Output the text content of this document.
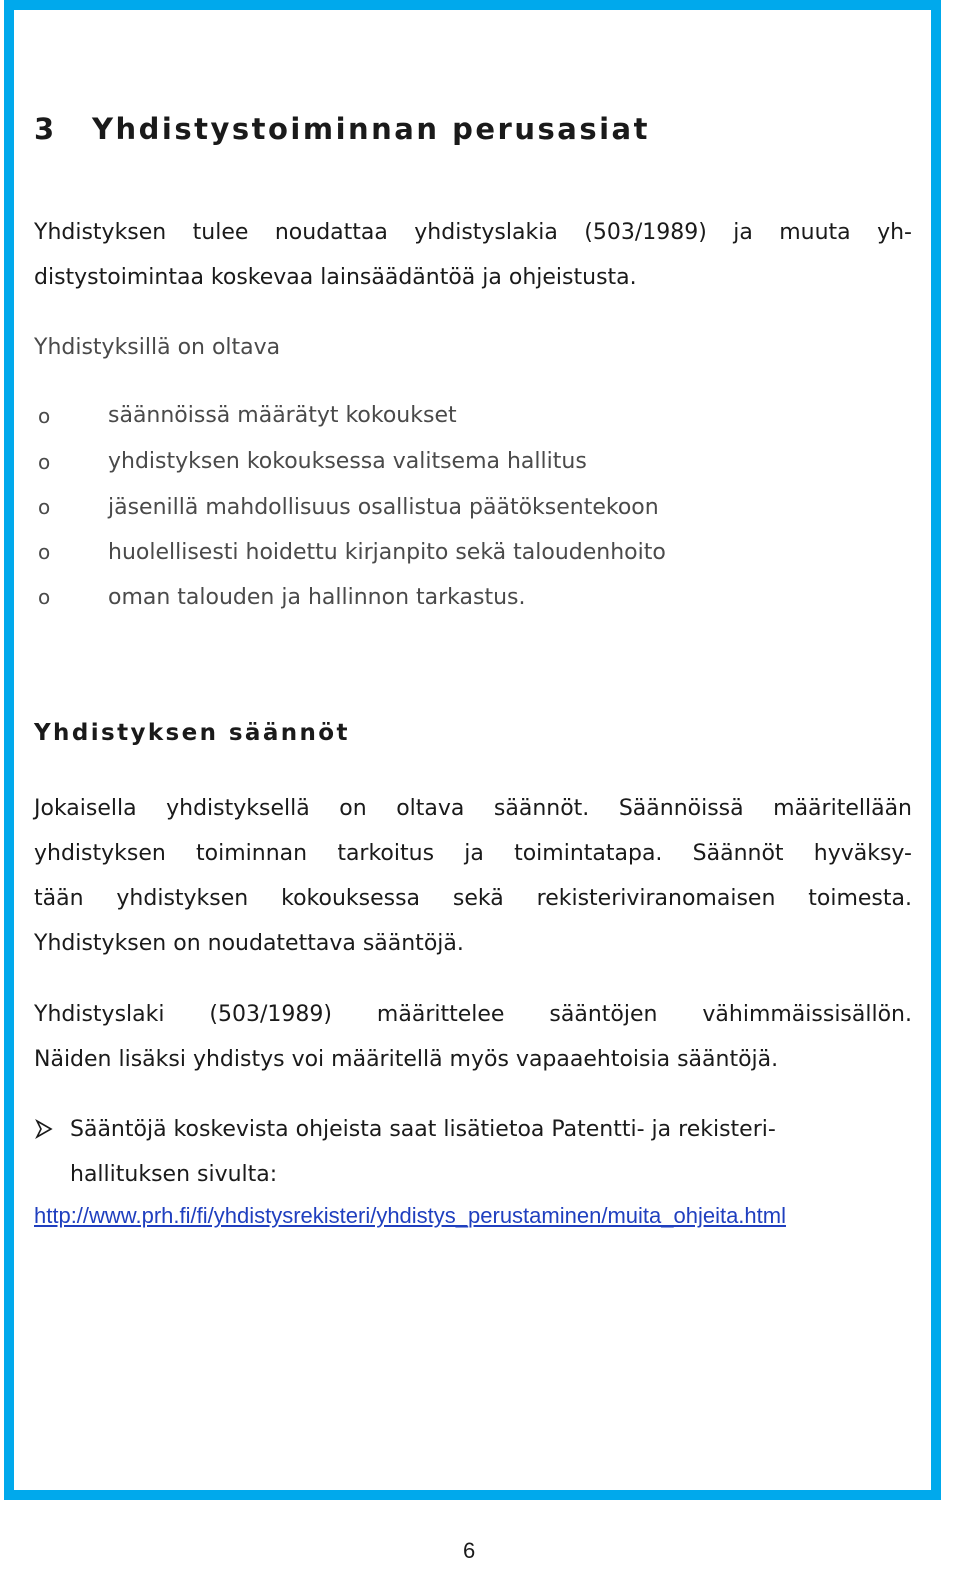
3 Yhdistystoiminnan perusasiat
Yhdistyksen tulee noudattaa yhdistyslakia (503/1989) ja muuta yh-
distystoimintaa koskevaa lainsäädäntöä ja ohjeistusta.
Yhdistyksillä on oltava
o	säännöissä määrätyt kokoukset
o	yhdistyksen kokouksessa valitsema hallitus
o	jäsenillä mahdollisuus osallistua päätöksentekoon
o	huolellisesti hoidettu kirjanpito sekä taloudenhoito
o	oman talouden ja hallinnon tarkastus.
Yhdistyksen säännöt
Jokaisella yhdistyksellä on oltava säännöt. Säännöissä määritellään
yhdistyksen toiminnan tarkoitus ja toimintatapa. Säännöt hyväksy-
tään yhdistyksen kokouksessa sekä rekisteriviranomaisen toimesta.
Yhdistyksen on noudatettava sääntöjä.
Yhdistyslaki (503/1989) määrittelee sääntöjen vähimmäissisällön.
Näiden lisäksi yhdistys voi määritellä myös vapaaehtoisia sääntöjä.
Sääntöjä koskevista ohjeista saat lisätietoa Patentti- ja rekisteri-
hallituksen sivulta:
http://www.prh.fi/fi/yhdistysrekisteri/yhdistys_perustaminen/muita_ohjeita.html
6
